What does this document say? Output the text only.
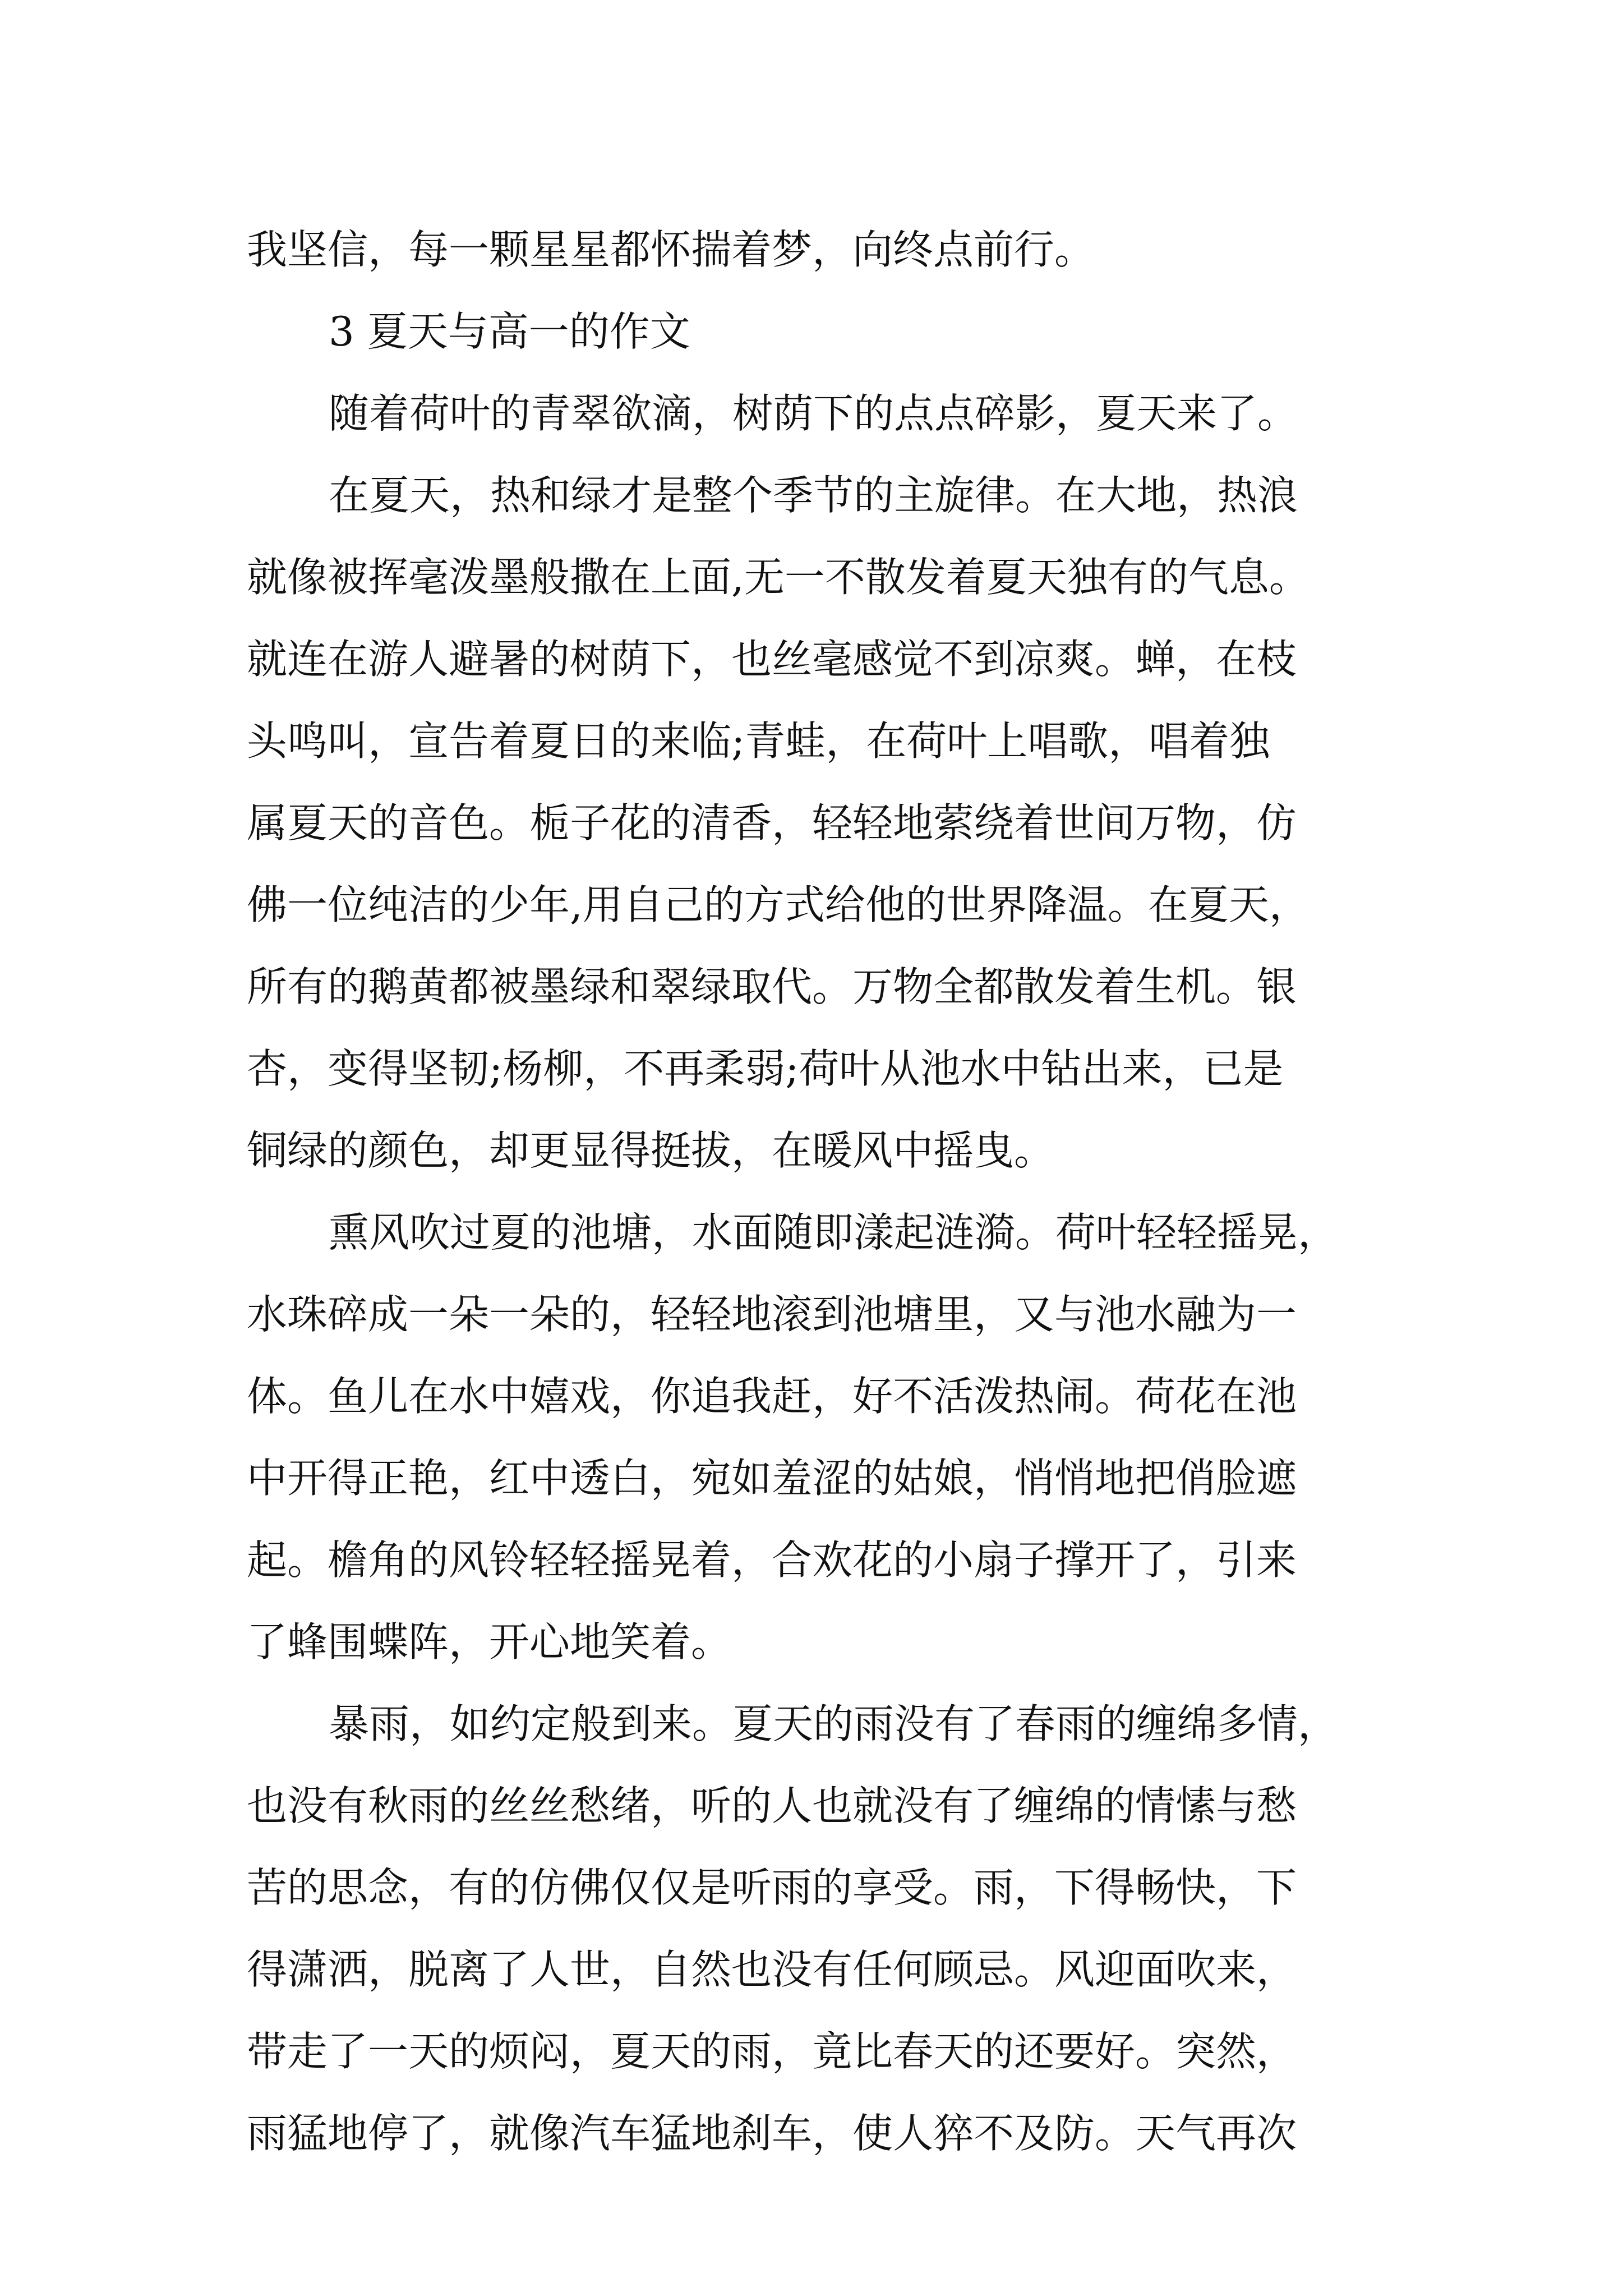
我坚信，每一颗星星都怀揣着梦，向终点前行。
3 夏天与高一的作文
随着荷叶的青翠欲滴，树荫下的点点碎影，夏天来了。
在夏天，热和绿才是整个季节的主旋律。在大地，热浪
就像被挥毫泼墨般撒在上面,无一不散发着夏天独有的气息。
就连在游人避暑的树荫下，也丝毫感觉不到凉爽。蝉，在枝
头鸣叫，宣告着夏日的来临;青蛙，在荷叶上唱歌，唱着独
属夏天的音色。栀子花的清香，轻轻地萦绕着世间万物，仿
佛一位纯洁的少年,用自己的方式给他的世界降温。在夏天，
所有的鹅黄都被墨绿和翠绿取代。万物全都散发着生机。银
杏，变得坚韧;杨柳，不再柔弱;荷叶从池水中钻出来，已是
铜绿的颜色，却更显得挺拔，在暖风中摇曳。
熏风吹过夏的池塘，水面随即漾起涟漪。荷叶轻轻摇晃，
水珠碎成一朵一朵的，轻轻地滚到池塘里，又与池水融为一
体。鱼儿在水中嬉戏，你追我赶，好不活泼热闹。荷花在池
中开得正艳，红中透白，宛如羞涩的姑娘，悄悄地把俏脸遮
起。檐角的风铃轻轻摇晃着，合欢花的小扇子撑开了，引来
了蜂围蝶阵，开心地笑着。
暴雨，如约定般到来。夏天的雨没有了春雨的缠绵多情，
也没有秋雨的丝丝愁绪，听的人也就没有了缠绵的情愫与愁
苦的思念，有的仿佛仅仅是听雨的享受。雨，下得畅快，下
得潇洒，脱离了人世，自然也没有任何顾忌。风迎面吹来，
带走了一天的烦闷，夏天的雨，竟比春天的还要好。突然，
雨猛地停了，就像汽车猛地刹车，使人猝不及防。天气再次
